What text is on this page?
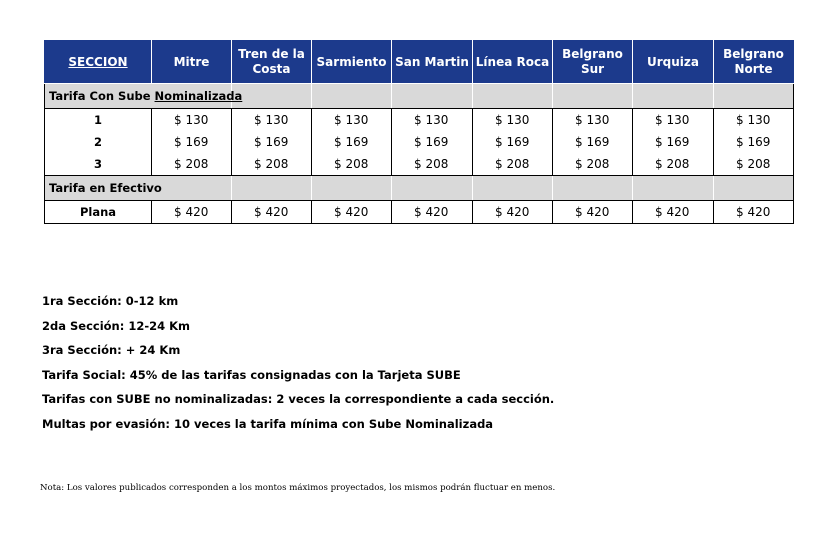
SECCION	Mitre	Tren de la Costa	Sarmiento	San Martin	Línea Roca	Belgrano Sur	Urquiza	Belgrano Norte
Tarifa Con Sube Nominalizada								
1	$ 130	$ 130	$ 130	$ 130	$ 130	$ 130	$ 130	$ 130
2	$ 169	$ 169	$ 169	$ 169	$ 169	$ 169	$ 169	$ 169
3	$ 208	$ 208	$ 208	$ 208	$ 208	$ 208	$ 208	$ 208
Tarifa en Efectivo								
Plana	$ 420	$ 420	$ 420	$ 420	$ 420	$ 420	$ 420	$ 420
1ra Sección: 0-12 km
2da Sección: 12-24 Km
3ra Sección: + 24 Km
Tarifa Social: 45% de las tarifas consignadas con la Tarjeta SUBE
Tarifas con SUBE no nominalizadas: 2 veces la correspondiente a cada sección.
Multas por evasión: 10 veces la tarifa mínima con Sube Nominalizada

Nota: Los valores publicados corresponden a los montos máximos proyectados, los mismos podrán fluctuar en menos.
